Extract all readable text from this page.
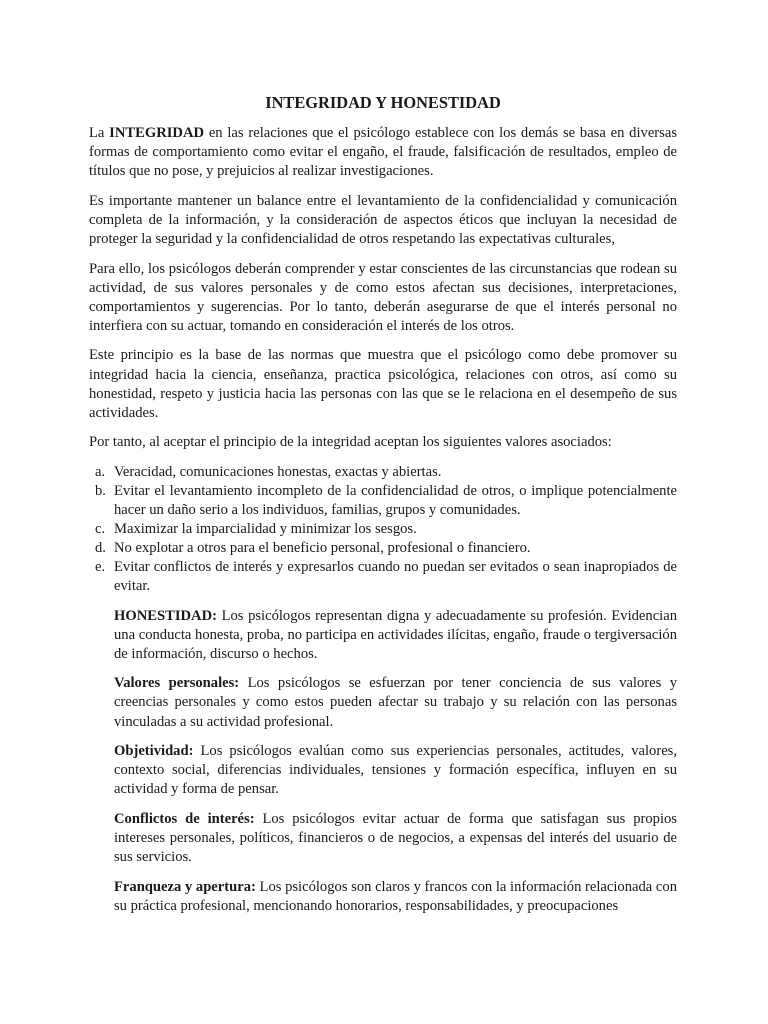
INTEGRIDAD Y HONESTIDAD

La INTEGRIDAD en las relaciones que el psicólogo establece con los demás se basa en diversas formas de comportamiento como evitar el engaño, el fraude, falsificación de resultados, empleo de títulos que no pose, y prejuicios al realizar investigaciones.

Es importante mantener un balance entre el levantamiento de la confidencialidad y comunicación completa de la información, y la consideración de aspectos éticos que incluyan la necesidad de proteger la seguridad y la confidencialidad de otros respetando las expectativas culturales,

Para ello, los psicólogos deberán comprender y estar conscientes de las circunstancias que rodean su actividad, de sus valores personales y de como estos afectan sus decisiones, interpretaciones, comportamientos y sugerencias. Por lo tanto, deberán asegurarse de que el interés personal no interfiera con su actuar, tomando en consideración el interés de los otros.

Este principio es la base de las normas que muestra que el psicólogo como debe promover su integridad hacia la ciencia, enseñanza, practica psicológica, relaciones con otros, así como su honestidad, respeto y justicia hacia las personas con las que se le relaciona en el desempeño de sus actividades.

Por tanto, al aceptar el principio de la integridad aceptan los siguientes valores asociados:

a. Veracidad, comunicaciones honestas, exactas y abiertas.
b. Evitar el levantamiento incompleto de la confidencialidad de otros, o implique potencialmente hacer un daño serio a los individuos, familias, grupos y comunidades.
c. Maximizar la imparcialidad y minimizar los sesgos.
d. No explotar a otros para el beneficio personal, profesional o financiero.
e. Evitar conflictos de interés y expresarlos cuando no puedan ser evitados o sean inapropiados de evitar.

HONESTIDAD: Los psicólogos representan digna y adecuadamente su profesión. Evidencian una conducta honesta, proba, no participa en actividades ilícitas, engaño, fraude o tergiversación de información, discurso o hechos.

Valores personales: Los psicólogos se esfuerzan por tener conciencia de sus valores y creencias personales y como estos pueden afectar su trabajo y su relación con las personas vinculadas a su actividad profesional.

Objetividad: Los psicólogos evalúan como sus experiencias personales, actitudes, valores, contexto social, diferencias individuales, tensiones y formación específica, influyen en su actividad y forma de pensar.

Conflictos de interés: Los psicólogos evitar actuar de forma que satisfagan sus propios intereses personales, políticos, financieros o de negocios, a expensas del interés del usuario de sus servicios.

Franqueza y apertura: Los psicólogos son claros y francos con la información relacionada con su práctica profesional, mencionando honorarios, responsabilidades, y preocupaciones
